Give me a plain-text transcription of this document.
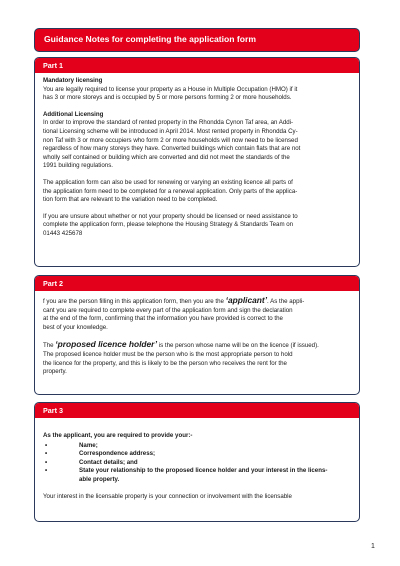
Guidance Notes for completing the application form
Part 1

Mandatory licensing

You are legally required to license your property as a House in Multiple Occupation (HMO) if it
has 3 or more storeys and is occupied by 5 or more persons forming 2 or more households.

Additional Licensing

In order to improve the standard of rented property in the Rhondda Cynon Taf area, an Addi-
tional Licensing scheme will be introduced in April 2014. Most rented property in Rhondda Cy-
non Taf with 3 or more occupiers who form 2 or more households will now need to be licensed
regardless of how many storeys they have. Converted buildings which contain flats that are not
wholly self contained or building which are converted and did not meet the standards of the
1991 building regulations.

The application form can also be used for renewing or varying an existing licence all parts of
the application form need to be completed for a renewal application. Only parts of the applica-
tion form that are relevant to the variation need to be completed.

If you are unsure about whether or not your property should be licensed or need assistance to
complete the application form, please telephone the Housing Strategy & Standards Team on
01443 425678

Part 2

f you are the person filling in this application form, then you are the ‘applicant’. As the appli-
cant you are required to complete every part of the application form and sign the declaration
at the end of the form, confirming that the information you have provided is correct to the
best of your knowledge.

The ‘proposed licence holder’ is the person whose name will be on the licence (if issued).
The proposed licence holder must be the person who is the most appropriate person to hold
the licence for the property, and this is likely to be the person who receives the rent for the
property.

Part 3

As the applicant, you are required to provide your:-

•	Name;
•	Correspondence address;
•	Contact details; and
•	State your relationship to the proposed licence holder and your interest in the licens-
able property.

Your interest in the licensable property is your connection or involvement with the licensable

1
